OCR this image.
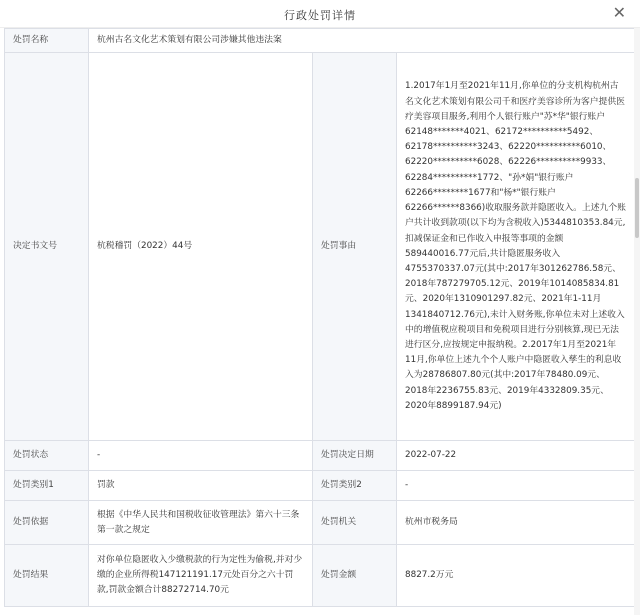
行政处罚详情	✕
处罚名称	杭州古名文化艺术策划有限公司涉嫌其他违法案		
决定书文号	杭税稽罚（2022）44号	处罚事由	1.2017年1月至2021年11月,你单位的分支机构杭州古名文化艺术策划有限公司千和医疗美容诊所为客户提供医疗美容项目服务,利用个人银行账户"苏*华"银行账户62148*******4021、62172**********5492、62178**********3243、62220**********6010、62220**********6028、62226**********9933、62284**********1772、"孙*娟"银行账户62266********1677和"杨*"银行账户62266******8366)收取服务款并隐匿收入。上述九个账户共计收到款项(以下均为含税收入)5344810353.84元,扣减保证金和已作收入申报等事项的金额589440016.77元后,共计隐匿服务收入4755370337.07元(其中:2017年301262786.58元、2018年787279705.12元、2019年1014085834.81元、2020年1310901297.82元、2021年1-11月1341840712.76元),未计入财务账,你单位未对上述收入中的增值税应税项目和免税项目进行分别核算,现已无法进行区分,应按规定申报纳税。2.2017年1月至2021年11月,你单位上述九个个人账户中隐匿收入孳生的利息收入为28786807.80元(其中:2017年78480.09元、2018年2236755.83元、2019年4332809.35元、2020年8899187.94元)
处罚状态	-	处罚决定日期	2022-07-22
处罚类别1	罚款	处罚类别2	-
处罚依据	根据《中华人民共和国税收征收管理法》第六十三条第一款之规定	处罚机关	杭州市税务局
处罚结果	对你单位隐匿收入少缴税款的行为定性为偷税,并对少缴的企业所得税147121191.17元处百分之六十罚款,罚款金额合计88272714.70元	处罚金额	8827.2万元
